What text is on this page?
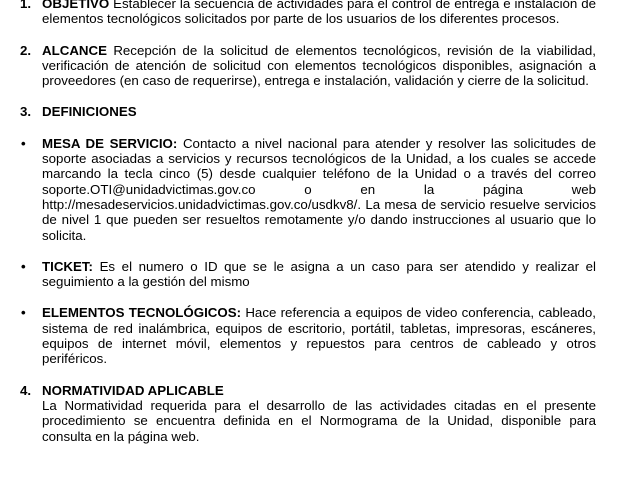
1. OBJETIVO Establecer la secuencia de actividades para el control de entrega e instalación de elementos tecnológicos solicitados por parte de los usuarios de los diferentes procesos.
2. ALCANCE Recepción de la solicitud de elementos tecnológicos, revisión de la viabilidad, verificación de atención de solicitud con elementos tecnológicos disponibles, asignación a proveedores (en caso de requerirse), entrega e instalación, validación y cierre de la solicitud.
3. DEFINICIONES
• MESA DE SERVICIO: Contacto a nivel nacional para atender y resolver las solicitudes de soporte asociadas a servicios y recursos tecnológicos de la Unidad, a los cuales se accede marcando la tecla cinco (5) desde cualquier teléfono de la Unidad o a través del correo soporte.OTI@unidadvictimas.gov.co o en la página web http://mesadeservicios.unidadvictimas.gov.co/usdkv8/. La mesa de servicio resuelve servicios de nivel 1 que pueden ser resueltos remotamente y/o dando instrucciones al usuario que lo solicita.
• TICKET: Es el numero o ID que se le asigna a un caso para ser atendido y realizar el seguimiento a la gestión del mismo
• ELEMENTOS TECNOLÓGICOS: Hace referencia a equipos de video conferencia, cableado, sistema de red inalámbrica, equipos de escritorio, portátil, tabletas, impresoras, escáneres, equipos de internet móvil, elementos y repuestos para centros de cableado y otros periféricos.
4. NORMATIVIDAD APLICABLE
La Normatividad requerida para el desarrollo de las actividades citadas en el presente procedimiento se encuentra definida en el Normograma de la Unidad, disponible para consulta en la página web.
